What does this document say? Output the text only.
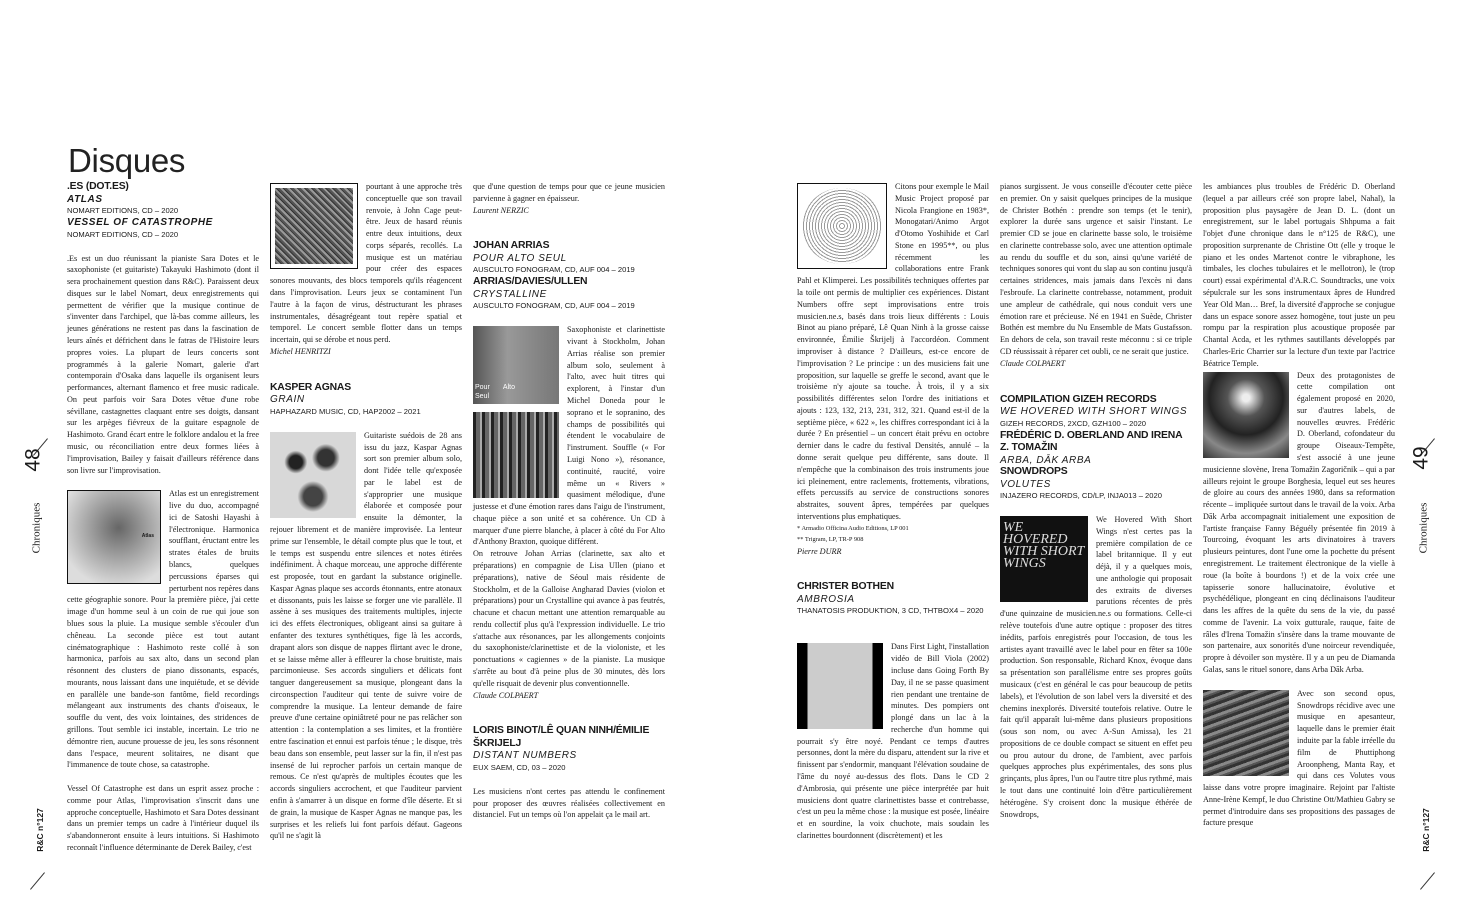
Disques
48
Chroniques
R&C n°127
.ES (DOT.ES)
ATLAS
NOMART EDITIONS, CD – 2020
VESSEL OF CATASTROPHE
NOMART EDITIONS, CD – 2020

.Es est un duo réunissant la pianiste Sara Dotes et le saxophoniste (et guitariste) Takayuki Hashimoto (dont il sera prochainement question dans R&C). Paraissent deux disques sur le label Nomart, deux enregistrements qui permettent de vérifier que la musique continue de s'inventer dans l'archipel, que là-bas comme ailleurs, les jeunes générations ne restent pas dans la fascination de leurs aînés et défrichent dans le fatras de l'Histoire leurs propres voies. La plupart de leurs concerts sont programmés à la galerie Nomart, galerie d'art contemporain d'Osaka dans laquelle ils organisent leurs performances, alternant flamenco et free music radicale. On peut parfois voir Sara Dotes vêtue d'une robe sévillane, castagnettes claquant entre ses doigts, dansant sur les arpèges fiévreux de la guitare espagnole de Hashimoto. Grand écart entre le folklore andalou et la free music, ou réconciliation entre deux formes liées à l'improvisation, Bailey y faisait d'ailleurs référence dans son livre sur l'improvisation.

Atlas

Atlas est un enregistrement live du duo, accompagné ici de Satoshi Hayashi à l'électronique. Harmonica soufflant, éructant entre les strates étales de bruits blancs, quelques percussions éparses qui perturbent nos repères dans cette géographie sonore. Pour la première pièce, j'ai cette image d'un homme seul à un coin de rue qui joue son blues sous la pluie. La musique semble s'écouler d'un chêneau. La seconde pièce est tout autant cinématographique : Hashimoto reste collé à son harmonica, parfois au sax alto, dans un second plan résonnent des clusters de piano dissonants, espacés, mourants, nous laissant dans une inquiétude, et se dévide en parallèle une bande-son fantôme, field recordings mélangeant aux instruments des chants d'oiseaux, le souffle du vent, des voix lointaines, des stridences de grillons. Tout semble ici instable, incertain. Le trio ne démontre rien, aucune prouesse de jeu, les sons résonnent dans l'espace, meurent solitaires, ne disant que l'immanence de toute chose, sa catastrophe.

Vessel Of Catastrophe est dans un esprit assez proche : comme pour Atlas, l'improvisation s'inscrit dans une approche conceptuelle, Hashimoto et Sara Dotes dessinant dans un premier temps un cadre à l'intérieur duquel ils s'abandonneront ensuite à leurs intuitions. Si Hashimoto reconnaît l'influence déterminante de Derek Bailey, c'est

pourtant à une approche très conceptuelle que son travail renvoie, à John Cage peut-être. Jeux de hasard réunis entre deux intuitions, deux corps séparés, recollés. La musique est un matériau pour créer des espaces sonores mouvants, des blocs temporels qu'ils réagencent dans l'improvisation. Leurs jeux se contaminent l'un l'autre à la façon de virus, déstructurant les phrases instrumentales, désagrégeant tout repère spatial et temporel. Le concert semble flotter dans un temps incertain, qui se dérobe et nous perd.

Michel HENRITZI

KASPER AGNAS
GRAIN
HAPHAZARD MUSIC, CD, HAP2002 – 2021

Guitariste suédois de 28 ans issu du jazz, Kaspar Agnas sort son premier album solo, dont l'idée telle qu'exposée par le label est de s'approprier une musique élaborée et composée pour ensuite la démonter, la rejouer librement et de manière improvisée. La lenteur prime sur l'ensemble, le détail compte plus que le tout, et le temps est suspendu entre silences et notes étirées indéfiniment. À chaque morceau, une approche différente est proposée, tout en gardant la substance originelle. Kaspar Agnas plaque ses accords étonnants, entre atonaux et dissonants, puis les laisse se forger une vie parallèle. Il assène à ses musiques des traitements multiples, injecte ici des effets électroniques, obligeant ainsi sa guitare à enfanter des textures synthétiques, fige là les accords, drapant alors son disque de nappes flirtant avec le drone, et se laisse même aller à effleurer la chose bruitiste, mais parcimonieuse. Ses accords singuliers et délicats font tanguer dangereusement sa musique, plongeant dans la circonspection l'auditeur qui tente de suivre voire de comprendre la musique. La lenteur demande de faire preuve d'une certaine opiniâtreté pour ne pas relâcher son attention : la contemplation a ses limites, et la frontière entre fascination et ennui est parfois ténue ; le disque, très beau dans son ensemble, peut lasser sur la fin, il n'est pas insensé de lui reprocher parfois un certain manque de remous. Ce n'est qu'après de multiples écoutes que les accords singuliers accrochent, et que l'auditeur parvient enfin à s'amarrer à un disque en forme d'île déserte. Et si de grain, la musique de Kasper Agnas ne manque pas, les surprises et les reliefs lui font parfois défaut. Gageons qu'il ne s'agit là

que d'une question de temps pour que ce jeune musicien parvienne à gagner en épaisseur.

Laurent NERZIC

JOHAN ARRIAS
POUR ALTO SEUL
AUSCULTO FONOGRAM, CD, AUF 004 – 2019
ARRIAS/DAVIES/ULLEN
CRYSTALLINE
AUSCULTO FONOGRAM, CD, AUF 004 – 2019
Pour Alto Seul

Saxophoniste et clarinettiste vivant à Stockholm, Johan Arrias réalise son premier album solo, seulement à l'alto, avec huit titres qui explorent, à l'instar d'un Michel Doneda pour le soprano et le sopranino, des champs de possibilités qui étendent le vocabulaire de l'instrument. Souffle (« For Luigi Nono »), résonance, continuité, raucité, voire même un « Rivers » quasiment mélodique, d'une justesse et d'une émotion rares dans l'aigu de l'instrument, chaque pièce a son unité et sa cohérence. Un CD à marquer d'une pierre blanche, à placer à côté du For Alto d'Anthony Braxton, quoique différent.

On retrouve Johan Arrias (clarinette, sax alto et préparations) en compagnie de Lisa Ullen (piano et préparations), native de Séoul mais résidente de Stockholm, et de la Galloise Angharad Davies (violon et préparations) pour un Crystalline qui avance à pas feutrés, chacune et chacun mettant une attention remarquable au rendu collectif plus qu'à l'expression individuelle. Le trio s'attache aux résonances, par les allongements conjoints du saxophoniste/clarinettiste et de la violoniste, et les ponctuations « cagiennes » de la pianiste. La musique s'arrête au bout d'à peine plus de 30 minutes, dès lors qu'elle risquait de devenir plus conventionnelle.

Claude COLPAERT

LORIS BINOT/LÊ QUAN NINH/ÉMILIE ŠKRIJELJ
DISTANT NUMBERS
EUX SAEM, CD, 03 – 2020

Les musiciens n'ont certes pas attendu le confinement pour proposer des œuvres réalisées collectivement en distanciel. Fut un temps où l'on appelait ça le mail art.

Citons pour exemple le Mail Music Project proposé par Nicola Frangione en 1983*, Monogatari/Animo Argot d'Otomo Yoshihide et Carl Stone en 1995**, ou plus récemment les collaborations entre Frank Pahl et Klimperei. Les possibilités techniques offertes par la toile ont permis de multiplier ces expériences. Distant Numbers offre sept improvisations entre trois musicien.ne.s, basés dans trois lieux différents : Louis Binot au piano préparé, Lê Quan Ninh à la grosse caisse environnée, Émilie Škrijelj à l'accordéon. Comment improviser à distance ? D'ailleurs, est-ce encore de l'improvisation ? Le principe : un des musiciens fait une proposition, sur laquelle se greffe le second, avant que le troisième n'y ajoute sa touche. À trois, il y a six possibilités différentes selon l'ordre des initiations et ajouts : 123, 132, 213, 231, 312, 321. Quand est-il de la septième pièce, « 622 », les chiffres correspondant ici à la durée ? En présentiel – un concert était prévu en octobre dernier dans le cadre du festival Densités, annulé – la donne serait quelque peu différente, sans doute. Il n'empêche que la combinaison des trois instruments joue ici pleinement, entre raclements, frottements, vibrations, effets percussifs au service de constructions sonores abstraites, souvent âpres, tempérées par quelques interventions plus emphatiques.

* Armadio Officina Audio Editions, LP 001

** Trigram, LP, TR-P 908

Pierre DURR

CHRISTER BOTHEN
AMBROSIA
THANATOSIS PRODUKTION, 3 CD, THTBOX4 – 2020

Dans First Light, l'installation vidéo de Bill Viola (2002) incluse dans Going Forth By Day, il ne se passe quasiment rien pendant une trentaine de minutes. Des pompiers ont plongé dans un lac à la recherche d'un homme qui pourrait s'y être noyé. Pendant ce temps d'autres personnes, dont la mère du disparu, attendent sur la rive et finissent par s'endormir, manquant l'élévation soudaine de l'âme du noyé au-dessus des flots. Dans le CD 2 d'Ambrosia, qui présente une pièce interprétée par huit musiciens dont quatre clarinettistes basse et contrebasse, c'est un peu la même chose : la musique est posée, linéaire et en sourdine, la voix chuchote, mais soudain les clarinettes bourdonnent (discrètement) et les

pianos surgissent. Je vous conseille d'écouter cette pièce en premier. On y saisit quelques principes de la musique de Christer Bothén : prendre son temps (et le tenir), explorer la durée sans urgence et saisir l'instant. Le premier CD se joue en clarinette basse solo, le troisième en clarinette contrebasse solo, avec une attention optimale au rendu du souffle et du son, ainsi qu'une variété de techniques sonores qui vont du slap au son continu jusqu'à certaines stridences, mais jamais dans l'excès ni dans l'esbroufe. La clarinette contrebasse, notamment, produit une ampleur de cathédrale, qui nous conduit vers une émotion rare et précieuse. Né en 1941 en Suède, Christer Bothén est membre du Nu Ensemble de Mats Gustafsson. En dehors de cela, son travail reste méconnu : si ce triple CD réussissait à réparer cet oubli, ce ne serait que justice.

Claude COLPAERT

COMPILATION GIZEH RECORDS
WE HOVERED WITH SHORT WINGS
GIZEH RECORDS, 2XCD, GZH100 – 2020
FRÉDÉRIC D. OBERLAND AND IRENA Z. TOMAŽIN
ARBA, DĀK ARBA
SNOWDROPS
VOLUTES
INJAZERO RECORDS, CD/LP, INJA013 – 2020
WE HOVERED WITH SHORT WINGS

We Hovered With Short Wings n'est certes pas la première compilation de ce label britannique. Il y eut déjà, il y a quelques mois, une anthologie qui proposait des extraits de diverses parutions récentes de près d'une quinzaine de musicien.ne.s ou formations. Celle-ci relève toutefois d'une autre optique : proposer des titres inédits, parfois enregistrés pour l'occasion, de tous les artistes ayant travaillé avec le label pour en fêter sa 100e production. Son responsable, Richard Knox, évoque dans sa présentation son parallélisme entre ses propres goûts musicaux (c'est en général le cas pour beaucoup de petits labels), et l'évolution de son label vers la diversité et des chemins inexplorés. Diversité toutefois relative. Outre le fait qu'il apparaît lui-même dans plusieurs propositions (sous son nom, ou avec A-Sun Amissa), les 21 propositions de ce double compact se situent en effet peu ou prou autour du drone, de l'ambient, avec parfois quelques approches plus expérimentales, des sons plus grinçants, plus âpres, l'un ou l'autre titre plus rythmé, mais le tout dans une continuité loin d'être particulièrement hétérogène. S'y croisent donc la musique éthérée de Snowdrops,

les ambiances plus troubles de Frédéric D. Oberland (lequel a par ailleurs créé son propre label, Nahal), la proposition plus paysagère de Jean D. L. (dont un enregistrement, sur le label portugais Shhpuma a fait l'objet d'une chronique dans le n°125 de R&C), une proposition surprenante de Christine Ott (elle y troque le piano et les ondes Martenot contre le vibraphone, les timbales, les cloches tubulaires et le mellotron), le (trop court) essai expérimental d'A.R.C. Soundtracks, une voix sépulcrale sur les sons instrumentaux âpres de Hundred Year Old Man… Bref, la diversité d'approche se conjugue dans un espace sonore assez homogène, tout juste un peu rompu par la respiration plus acoustique proposée par Chantal Acda, et les rythmes sautillants développés par Charles-Eric Charrier sur la lecture d'un texte par l'actrice Béatrice Temple.

Deux des protagonistes de cette compilation ont également proposé en 2020, sur d'autres labels, de nouvelles œuvres. Frédéric D. Oberland, cofondateur du groupe Oiseaux-Tempête, s'est associé à une jeune musicienne slovène, Irena Tomažin Zagoričnik – qui a par ailleurs rejoint le groupe Borghesia, lequel eut ses heures de gloire au cours des années 1980, dans sa reformation récente – impliquée surtout dans le travail de la voix. Arba Dāk Arba accompagnait initialement une exposition de l'artiste française Fanny Béguély présentée fin 2019 à Tourcoing, évoquant les arts divinatoires à travers plusieurs peintures, dont l'une orne la pochette du présent enregistrement. Le traitement électronique de la vielle à roue (la boîte à bourdons !) et de la voix crée une tapisserie sonore hallucinatoire, évolutive et psychédélique, plongeant en cinq déclinaisons l'auditeur dans les affres de la quête du sens de la vie, du passé comme de l'avenir. La voix gutturale, rauque, faite de râles d'Irena Tomažin s'insère dans la trame mouvante de son partenaire, aux sonorités d'une noirceur revendiquée, propre à dévoiler son mystère. Il y a un peu de Diamanda Galas, sans le rituel sonore, dans Arba Dāk Arba.

Avec son second opus, Snowdrops récidive avec une musique en apesanteur, laquelle dans le premier était induite par la fable irréelle du film de Phuttiphong Aroonpheng, Manta Ray, et qui dans ces Volutes vous laisse dans votre propre imaginaire. Rejoint par l'altiste Anne-Irène Kempf, le duo Christine Ott/Mathieu Gabry se permet d'introduire dans ses propositions des passages de facture presque

49
Chroniques
R&C n°127
